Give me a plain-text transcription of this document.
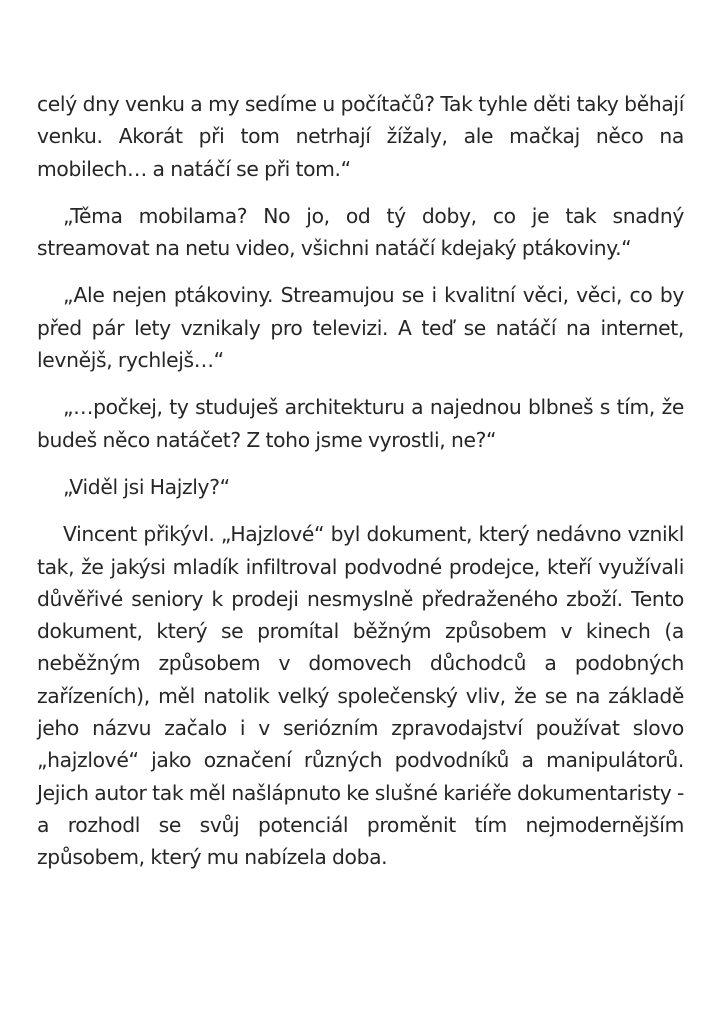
celý dny venku a my sedíme u počítačů? Tak tyhle děti taky běhají venku. Akorát při tom netrhají žížaly, ale mačkaj něco na mobilech… a natáčí se při tom.“

„Těma mobilama? No jo, od tý doby, co je tak snadný streamovat na netu video, všichni natáčí kdejaký ptákoviny.“

„Ale nejen ptákoviny. Streamujou se i kvalitní věci, věci, co by před pár lety vznikaly pro televizi. A teď se natáčí na internet, levnějš, rychlejš…“

„…počkej, ty studuješ architekturu a najednou blbneš s tím, že budeš něco natáčet? Z toho jsme vyrostli, ne?“

„Viděl jsi Hajzly?“

Vincent přikývl. „Hajzlové“ byl dokument, který nedávno vznikl tak, že jakýsi mladík infiltroval podvodné prodejce, kteří využívali důvěřivé seniory k prodeji nesmyslně předraženého zboží. Tento dokument, který se promítal běžným způsobem v kinech (a neběžným způsobem v domovech důchodců a podobných zařízeních), měl natolik velký společenský vliv, že se na základě jeho názvu začalo i v seriózním zpravodajství používat slovo „hajzlové“ jako označení různých podvodníků a manipulátorů. Jejich autor tak měl našlápnuto ke slušné kariéře dokumentaristy - a rozhodl se svůj potenciál proměnit tím nejmodernějším způsobem, který mu nabízela doba.
